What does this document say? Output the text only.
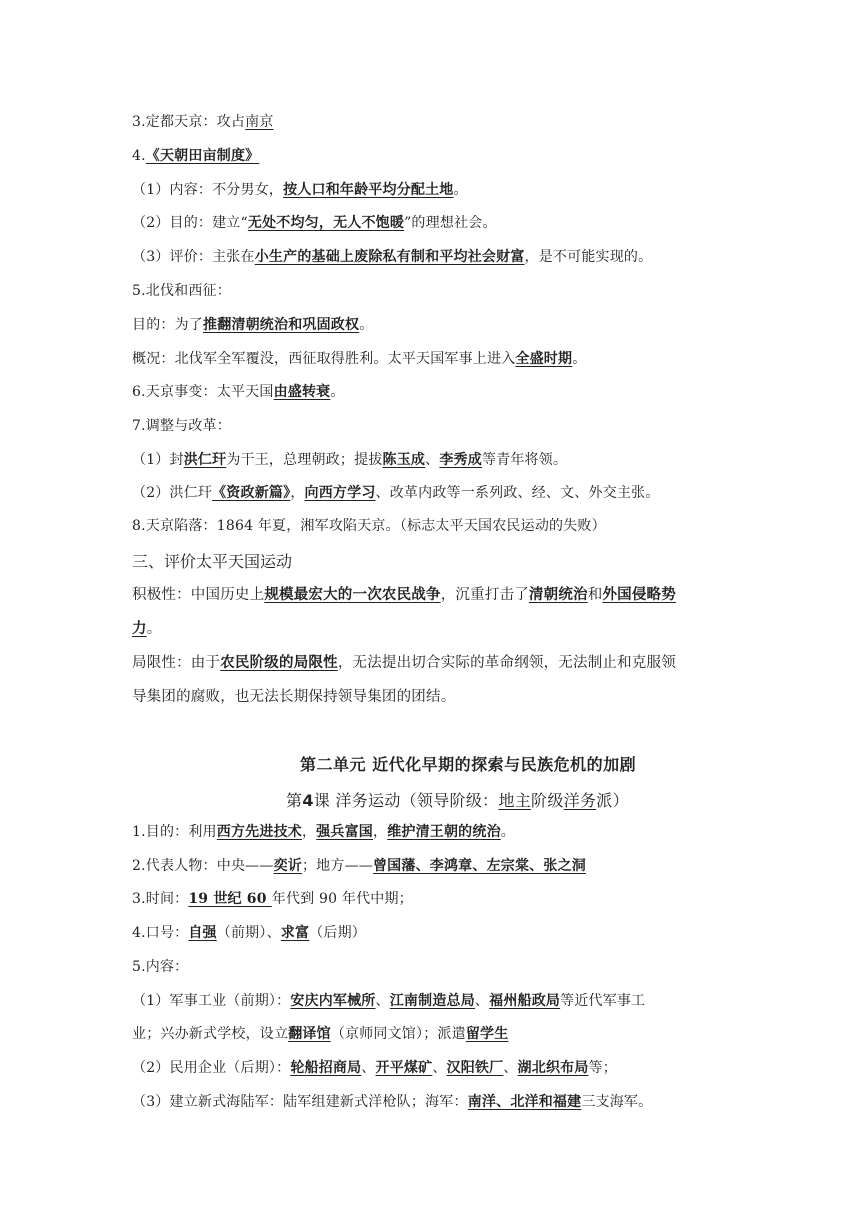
3.定都天京：攻占南京
4.《天朝田亩制度》
（1）内容：不分男女，按人口和年龄平均分配土地。
（2）目的：建立“无处不均匀，无人不饱暖”的理想社会。
（3）评价：主张在小生产的基础上废除私有制和平均社会财富，是不可能实现的。
5.北伐和西征：
目的：为了推翻清朝统治和巩固政权。
概况：北伐军全军覆没，西征取得胜利。太平天国军事上进入全盛时期。
6.天京事变：太平天国由盛转衰。
7.调整与改革：
（1）封洪仁玕为干王，总理朝政；提拔陈玉成、李秀成等青年将领。
（2）洪仁玕《资政新篇》，向西方学习、改革内政等一系列政、经、文、外交主张。
8.天京陷落：1864 年夏，湘军攻陷天京。（标志太平天国农民运动的失败）
三、评价太平天国运动
积极性：中国历史上规模最宏大的一次农民战争，沉重打击了清朝统治和外国侵略势
力。
局限性：由于农民阶级的局限性，无法提出切合实际的革命纲领，无法制止和克服领
导集团的腐败，也无法长期保持领导集团的团结。
第二单元 近代化早期的探索与民族危机的加剧
第4课 洋务运动（领导阶级：地主阶级洋务派）
1.目的：利用西方先进技术，强兵富国，维护清王朝的统治。
2.代表人物：中央——奕䜣；地方——曾国藩、李鸿章、左宗棠、张之洞
3.时间：19 世纪 60 年代到 90 年代中期；
4.口号：自强（前期）、求富（后期）
5.内容：
（1）军事工业（前期）：安庆内军械所、江南制造总局、福州船政局等近代军事工
业；兴办新式学校，设立翻译馆（京师同文馆）；派遣留学生
（2）民用企业（后期）：轮船招商局、开平煤矿、汉阳铁厂、湖北织布局等；
（3）建立新式海陆军：陆军组建新式洋枪队；海军：南洋、北洋和福建三支海军。
